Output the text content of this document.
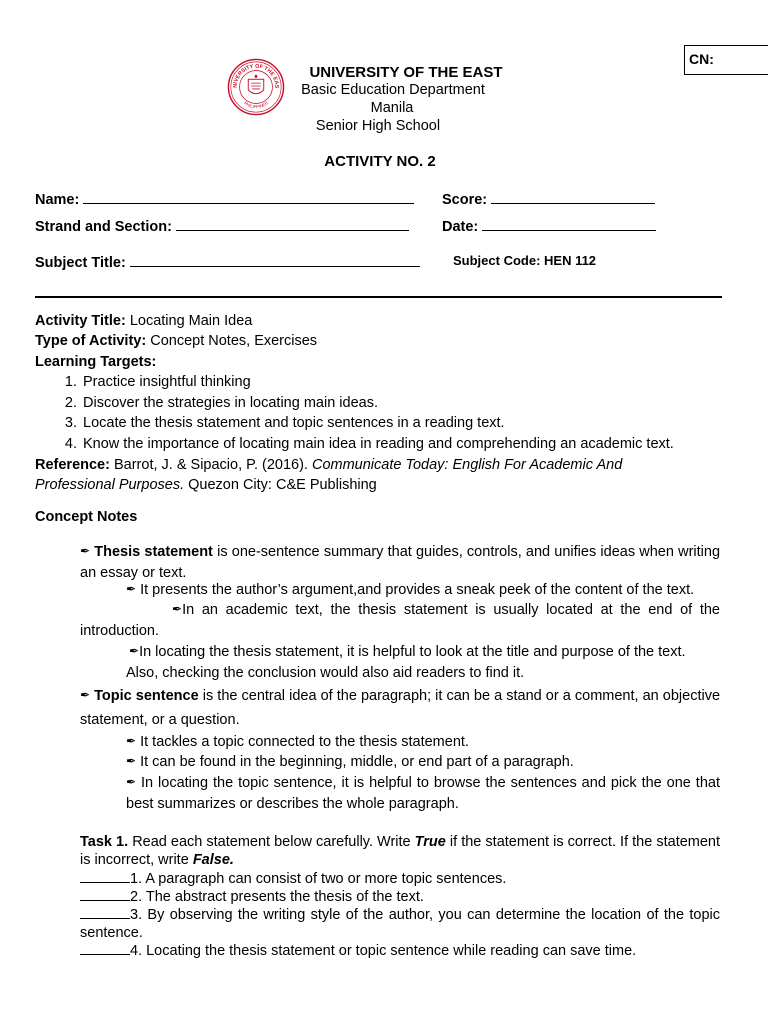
CN:
NIVERSITY OF THE EAS
PHILIPPINES
UNIVERSITY OF THE EAST
Basic Education Department
Manila
Senior High School
ACTIVITY NO. 2
Name:	Score:
Strand and Section:	Date:
Subject Title:	Subject Code: HEN 112
Activity Title: Locating Main Idea
Type of Activity: Concept Notes, Exercises
Learning Targets:
1. Practice insightful thinking
2. Discover the strategies in locating main ideas.
3. Locate the thesis statement and topic sentences in a reading text.
4. Know the importance of locating main idea in reading and comprehending an academic text.
Reference: Barrot, J. & Sipacio, P. (2016). Communicate Today: English For Academic And Professional Purposes. Quezon City: C&E Publishing
Concept Notes
✒ Thesis statement is one-sentence summary that guides, controls, and unifies ideas when writing an essay or text.
✒ It presents the author’s argument,and provides a sneak peek of the content of the text.
✒In an academic text, the thesis statement is usually located at the end of the introduction.
✒In locating the thesis statement, it is helpful to look at the title and purpose of the text.
Also, checking the conclusion would also aid readers to find it.
✒ Topic sentence is the central idea of the paragraph; it can be a stand or a comment, an objective statement, or a question.
✒ It tackles a topic connected to the thesis statement.
✒ It can be found in the beginning, middle, or end part of a paragraph.
✒ In locating the topic sentence, it is helpful to browse the sentences and pick the one that best summarizes or describes the whole paragraph.
Task 1. Read each statement below carefully. Write True if the statement is correct. If the statement is incorrect, write False.
1. A paragraph can consist of two or more topic sentences.
2. The abstract presents the thesis of the text.
3. By observing the writing style of the author, you can determine the location of the topic sentence.
4. Locating the thesis statement or topic sentence while reading can save time.
